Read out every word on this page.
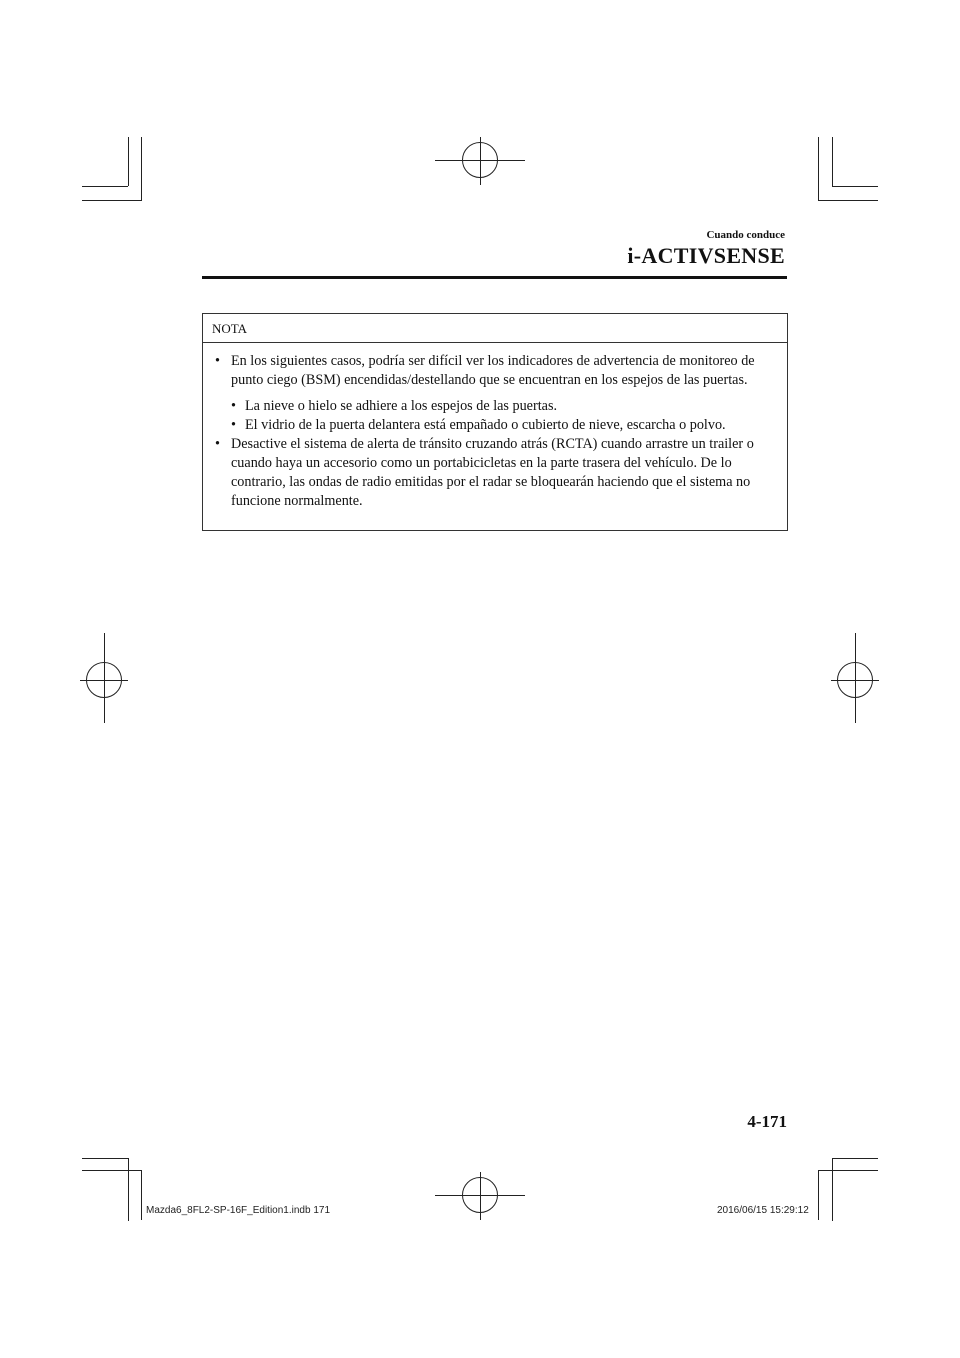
Cuando conduce
i-ACTIVSENSE
NOTA
• En los siguientes casos, podría ser difícil ver los indicadores de advertencia de monitoreo de punto ciego (BSM) encendidas/destellando que se encuentran en los espejos de las puertas.
• La nieve o hielo se adhiere a los espejos de las puertas.
• El vidrio de la puerta delantera está empañado o cubierto de nieve, escarcha o polvo.
• Desactive el sistema de alerta de tránsito cruzando atrás (RCTA) cuando arrastre un trailer o cuando haya un accesorio como un portabicicletas en la parte trasera del vehículo. De lo contrario, las ondas de radio emitidas por el radar se bloquearán haciendo que el sistema no funcione normalmente.
4-171
Mazda6_8FL2-SP-16F_Edition1.indb 171	2016/06/15 15:29:12
